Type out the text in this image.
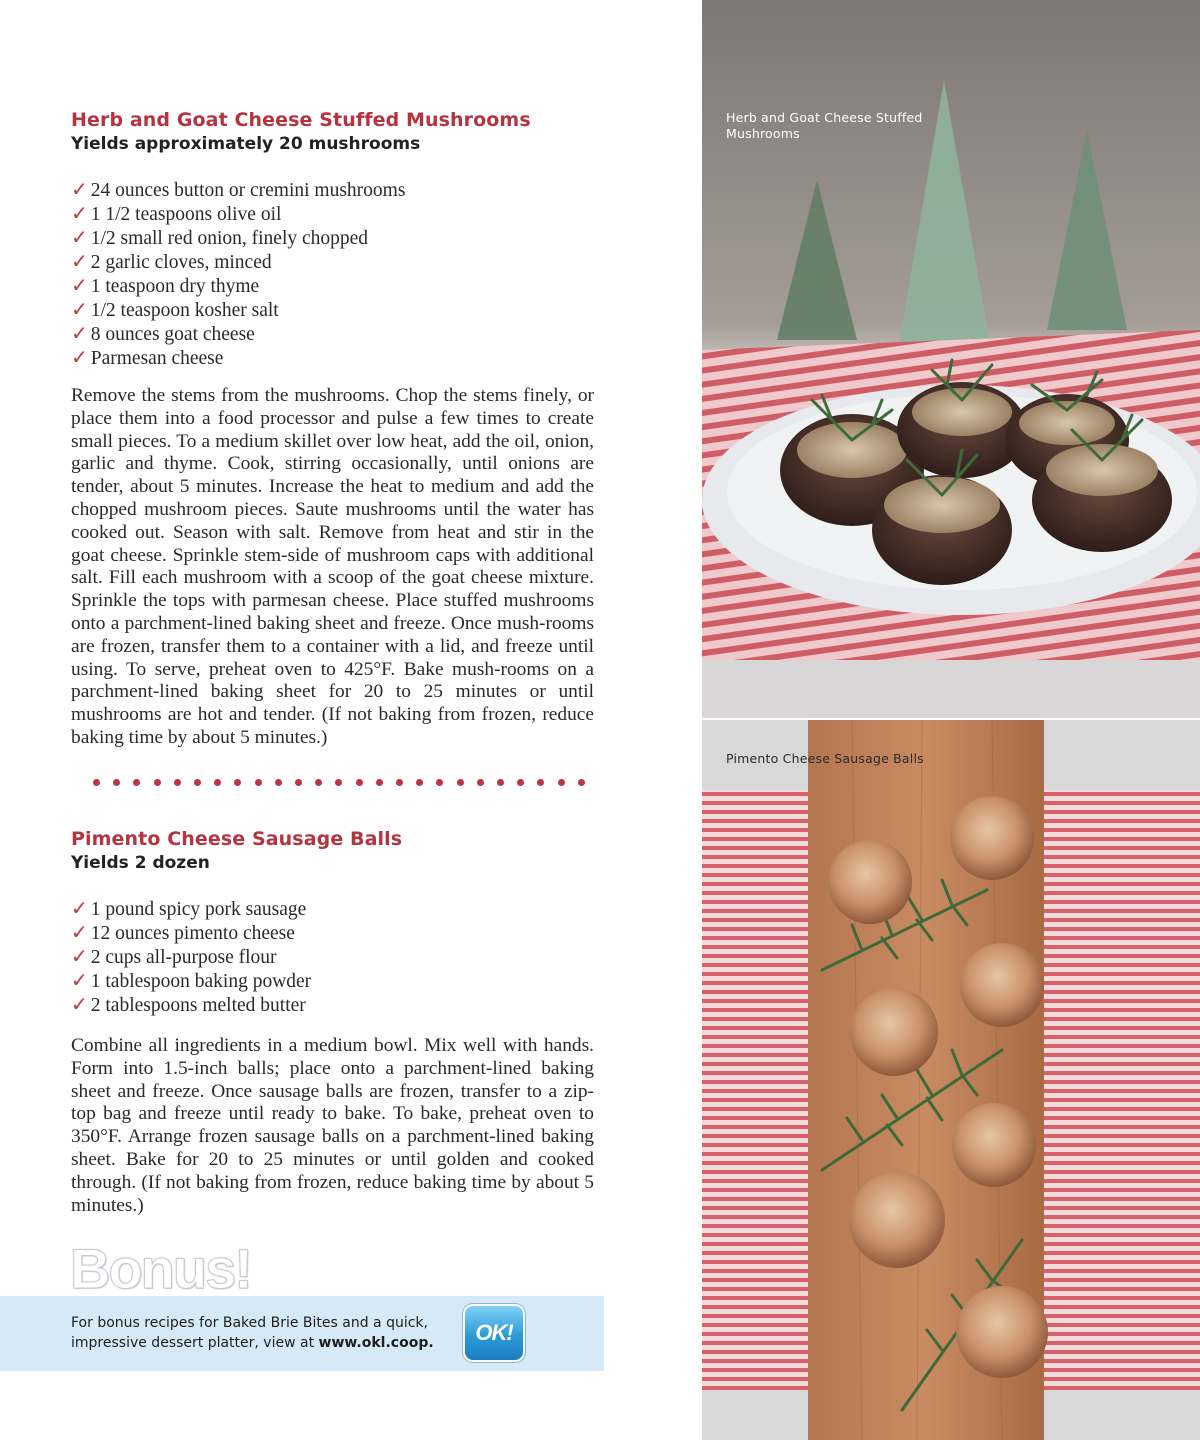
Herb and Goat Cheese Stuffed Mushrooms
Yields approximately 20 mushrooms
✓ 24 ounces button or cremini mushrooms
✓ 1 1/2 teaspoons olive oil
✓ 1/2 small red onion, finely chopped
✓ 2 garlic cloves, minced
✓ 1 teaspoon dry thyme
✓ 1/2 teaspoon kosher salt
✓ 8 ounces goat cheese
✓ Parmesan cheese
Remove the stems from the mushrooms. Chop the stems finely, or place them into a food processor and pulse a few times to create small pieces. To a medium skillet over low heat, add the oil, onion, garlic and thyme. Cook, stirring occasionally, until onions are tender, about 5 minutes. Increase the heat to medium and add the chopped mushroom pieces. Saute mushrooms until the water has cooked out. Season with salt. Remove from heat and stir in the goat cheese. Sprinkle stem-side of mushroom caps with additional salt. Fill each mushroom with a scoop of the goat cheese mixture. Sprinkle the tops with parmesan cheese. Place stuffed mushrooms onto a parchment-lined baking sheet and freeze. Once mush-rooms are frozen, transfer them to a container with a lid, and freeze until using. To serve, preheat oven to 425°F. Bake mush-rooms on a parchment-lined baking sheet for 20 to 25 minutes or until mushrooms are hot and tender. (If not baking from frozen, reduce baking time by about 5 minutes.)
Pimento Cheese Sausage Balls
Yields 2 dozen
✓ 1 pound spicy pork sausage
✓ 12 ounces pimento cheese
✓ 2 cups all-purpose flour
✓ 1 tablespoon baking powder
✓ 2 tablespoons melted butter
Combine all ingredients in a medium bowl. Mix well with hands. Form into 1.5-inch balls; place onto a parchment-lined baking sheet and freeze. Once sausage balls are frozen, transfer to a zip-top bag and freeze until ready to bake. To bake, preheat oven to 350°F. Arrange frozen sausage balls on a parchment-lined baking sheet. Bake for 20 to 25 minutes or until golden and cooked through. (If not baking from frozen, reduce baking time by about 5 minutes.)
Bonus!
For bonus recipes for Baked Brie Bites and a quick, impressive dessert platter, view at www.okl.coop.	OK!
Herb and Goat Cheese Stuffed Mushrooms
Pimento Cheese Sausage Balls
